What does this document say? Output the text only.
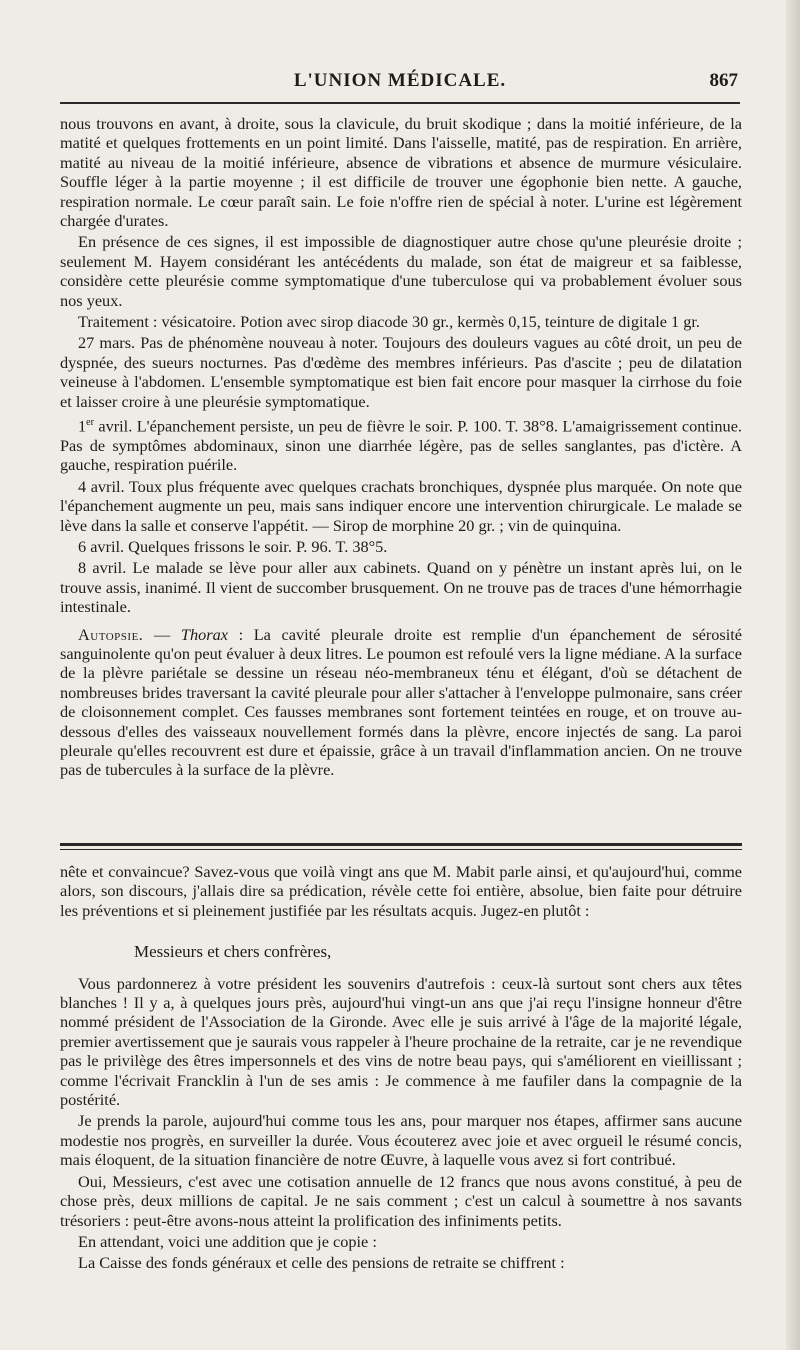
L'UNION MÉDICALE.	867

nous trouvons en avant, à droite, sous la clavicule, du bruit skodique ; dans la moitié inférieure, de la matité et quelques frottements en un point limité. Dans l'aisselle, matité, pas de respiration. En arrière, matité au niveau de la moitié inférieure, absence de vibrations et absence de murmure vésiculaire. Souffle léger à la partie moyenne ; il est difficile de trouver une égophonie bien nette. A gauche, respiration normale. Le cœur paraît sain. Le foie n'offre rien de spécial à noter. L'urine est légèrement chargée d'urates.

En présence de ces signes, il est impossible de diagnostiquer autre chose qu'une pleurésie droite ; seulement M. Hayem considérant les antécédents du malade, son état de maigreur et sa faiblesse, considère cette pleurésie comme symptomatique d'une tuberculose qui va probablement évoluer sous nos yeux.

Traitement : vésicatoire. Potion avec sirop diacode 30 gr., kermès 0,15, teinture de digitale 1 gr.

27 mars. Pas de phénomène nouveau à noter. Toujours des douleurs vagues au côté droit, un peu de dyspnée, des sueurs nocturnes. Pas d'œdème des membres inférieurs. Pas d'ascite ; peu de dilatation veineuse à l'abdomen. L'ensemble symptomatique est bien fait encore pour masquer la cirrhose du foie et laisser croire à une pleurésie symptomatique.

1er avril. L'épanchement persiste, un peu de fièvre le soir. P. 100. T. 38°8. L'amaigrissement continue. Pas de symptômes abdominaux, sinon une diarrhée légère, pas de selles sanglantes, pas d'ictère. A gauche, respiration puérile.

4 avril. Toux plus fréquente avec quelques crachats bronchiques, dyspnée plus marquée. On note que l'épanchement augmente un peu, mais sans indiquer encore une intervention chirurgicale. Le malade se lève dans la salle et conserve l'appétit. — Sirop de morphine 20 gr. ; vin de quinquina.

6 avril. Quelques frissons le soir. P. 96. T. 38°5.

8 avril. Le malade se lève pour aller aux cabinets. Quand on y pénètre un instant après lui, on le trouve assis, inanimé. Il vient de succomber brusquement. On ne trouve pas de traces d'une hémorrhagie intestinale.

Autopsie. — Thorax : La cavité pleurale droite est remplie d'un épanchement de sérosité sanguinolente qu'on peut évaluer à deux litres. Le poumon est refoulé vers la ligne médiane. A la surface de la plèvre pariétale se dessine un réseau néo-membraneux ténu et élégant, d'où se détachent de nombreuses brides traversant la cavité pleurale pour aller s'attacher à l'enveloppe pulmonaire, sans créer de cloisonnement complet. Ces fausses membranes sont fortement teintées en rouge, et on trouve au-dessous d'elles des vaisseaux nouvellement formés dans la plèvre, encore injectés de sang. La paroi pleurale qu'elles recouvrent est dure et épaissie, grâce à un travail d'inflammation ancien. On ne trouve pas de tubercules à la surface de la plèvre.

nête et convaincue? Savez-vous que voilà vingt ans que M. Mabit parle ainsi, et qu'aujourd'hui, comme alors, son discours, j'allais dire sa prédication, révèle cette foi entière, absolue, bien faite pour détruire les préventions et si pleinement justifiée par les résultats acquis. Jugez-en plutôt :

Messieurs et chers confrères,

Vous pardonnerez à votre président les souvenirs d'autrefois : ceux-là surtout sont chers aux têtes blanches ! Il y a, à quelques jours près, aujourd'hui vingt-un ans que j'ai reçu l'insigne honneur d'être nommé président de l'Association de la Gironde. Avec elle je suis arrivé à l'âge de la majorité légale, premier avertissement que je saurais vous rappeler à l'heure prochaine de la retraite, car je ne revendique pas le privilège des êtres impersonnels et des vins de notre beau pays, qui s'améliorent en vieillissant ; comme l'écrivait Francklin à l'un de ses amis : Je commence à me faufiler dans la compagnie de la postérité.

Je prends la parole, aujourd'hui comme tous les ans, pour marquer nos étapes, affirmer sans aucune modestie nos progrès, en surveiller la durée. Vous écouterez avec joie et avec orgueil le résumé concis, mais éloquent, de la situation financière de notre Œuvre, à laquelle vous avez si fort contribué.

Oui, Messieurs, c'est avec une cotisation annuelle de 12 francs que nous avons constitué, à peu de chose près, deux millions de capital. Je ne sais comment ; c'est un calcul à soumettre à nos savants trésoriers : peut-être avons-nous atteint la prolification des infiniments petits.

En attendant, voici une addition que je copie :

La Caisse des fonds généraux et celle des pensions de retraite se chiffrent :
